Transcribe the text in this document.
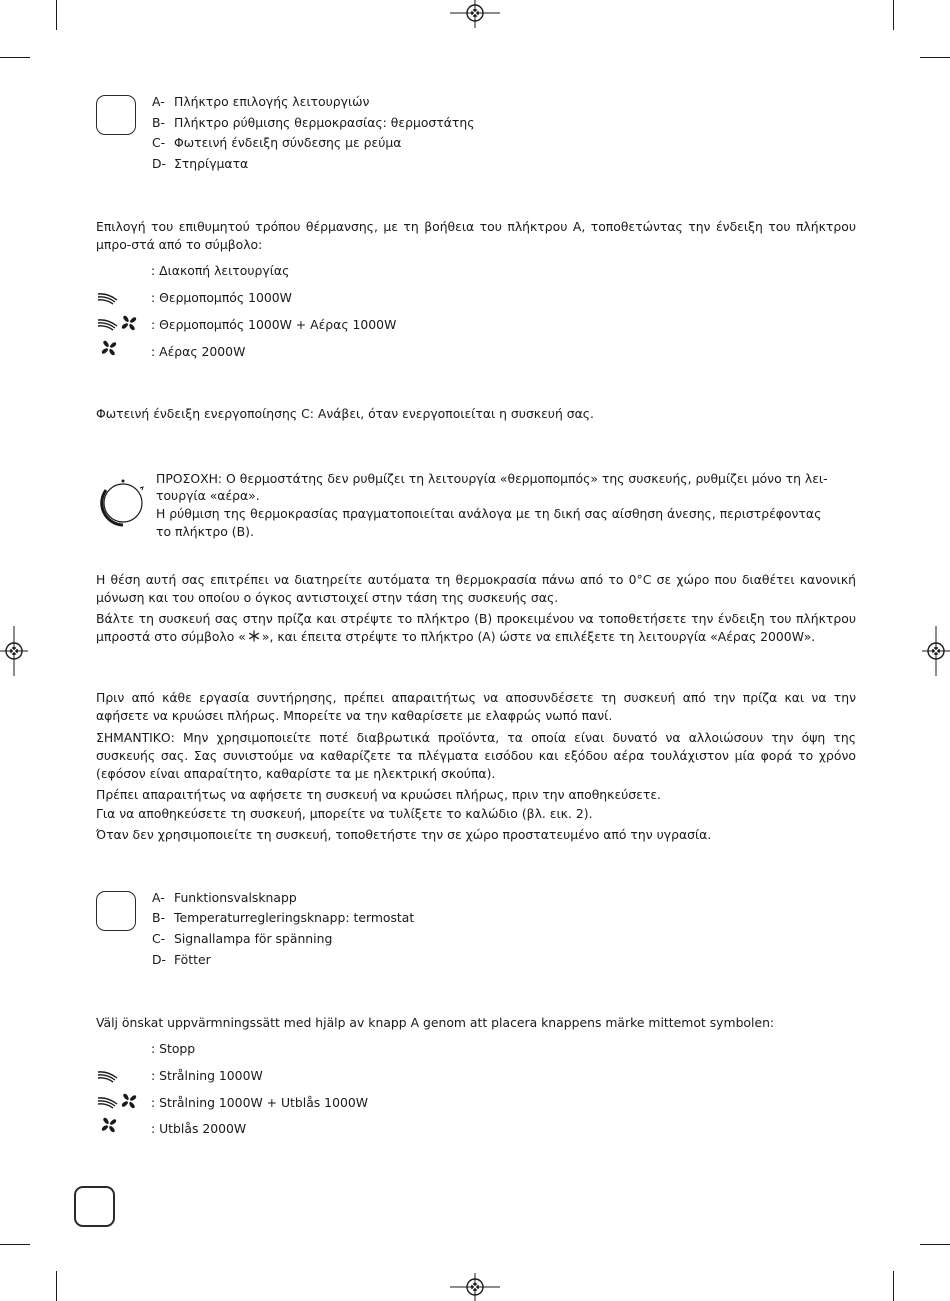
A- Πλήκτρο επιλογής λειτουργιών
B- Πλήκτρο ρύθμισης θερμοκρασίας: θερμοστάτης
C- Φωτεινή ένδειξη σύνδεσης με ρεύμα
D- Στηρίγματα
Επιλογή του επιθυμητού τρόπου θέρμανσης, με τη βοήθεια του πλήκτρου A, τοποθετώντας την ένδειξη του πλήκτρου μπρο-στά από το σύμβολο:
: Διακοπή λειτουργίας
: Θερμοπομπός 1000W
: Θερμοπομπός 1000W + Αέρας 1000W
: Αέρας 2000W
Φωτεινή ένδειξη ενεργοποίησης C: Ανάβει, όταν ενεργοποιείται η συσκευή σας.
ΠΡΟΣΟΧΗ: Ο θερμοστάτης δεν ρυθμίζει τη λειτουργία «θερμοπομπός» της συσκευής, ρυθμίζει μόνο τη λει-
τουργία «αέρα».
Η ρύθμιση της θερμοκρασίας πραγματοποιείται ανάλογα με τη δική σας αίσθηση άνεσης, περιστρέφοντας
το πλήκτρο (B).
Η θέση αυτή σας επιτρέπει να διατηρείτε αυτόματα τη θερμοκρασία πάνω από το 0°C σε χώρο που διαθέτει κανονική μόνωση και του οποίου ο όγκος αντιστοιχεί στην τάση της συσκευής σας.
Βάλτε τη συσκευή σας στην πρίζα και στρέψτε το πλήκτρο (B) προκειμένου να τοποθετήσετε την ένδειξη του πλήκτρου μπροστά στο σύμβολο « », και έπειτα στρέψτε το πλήκτρο (A) ώστε να επιλέξετε τη λειτουργία «Αέρας 2000W».
Πριν από κάθε εργασία συντήρησης, πρέπει απαραιτήτως να αποσυνδέσετε τη συσκευή από την πρίζα και να την αφήσετε να κρυώσει πλήρως. Μπορείτε να την καθαρίσετε με ελαφρώς νωπό πανί.
ΣΗΜΑΝΤΙΚΟ: Μην χρησιμοποιείτε ποτέ διαβρωτικά προϊόντα, τα οποία είναι δυνατό να αλλοιώσουν την όψη της συσκευής σας. Σας συνιστούμε να καθαρίζετε τα πλέγματα εισόδου και εξόδου αέρα τουλάχιστον μία φορά το χρόνο (εφόσον είναι απαραίτητο, καθαρίστε τα με ηλεκτρική σκούπα).
Πρέπει απαραιτήτως να αφήσετε τη συσκευή να κρυώσει πλήρως, πριν την αποθηκεύσετε.
Για να αποθηκεύσετε τη συσκευή, μπορείτε να τυλίξετε το καλώδιο (βλ. εικ. 2).
Όταν δεν χρησιμοποιείτε τη συσκευή, τοποθετήστε την σε χώρο προστατευμένο από την υγρασία.
A- Funktionsvalsknapp
B- Temperaturregleringsknapp: termostat
C- Signallampa för spänning
D- Fötter
Välj önskat uppvärmningssätt med hjälp av knapp A genom att placera knappens märke mittemot symbolen:
: Stopp
: Strålning 1000W
: Strålning 1000W + Utblås 1000W
: Utblås 2000W
